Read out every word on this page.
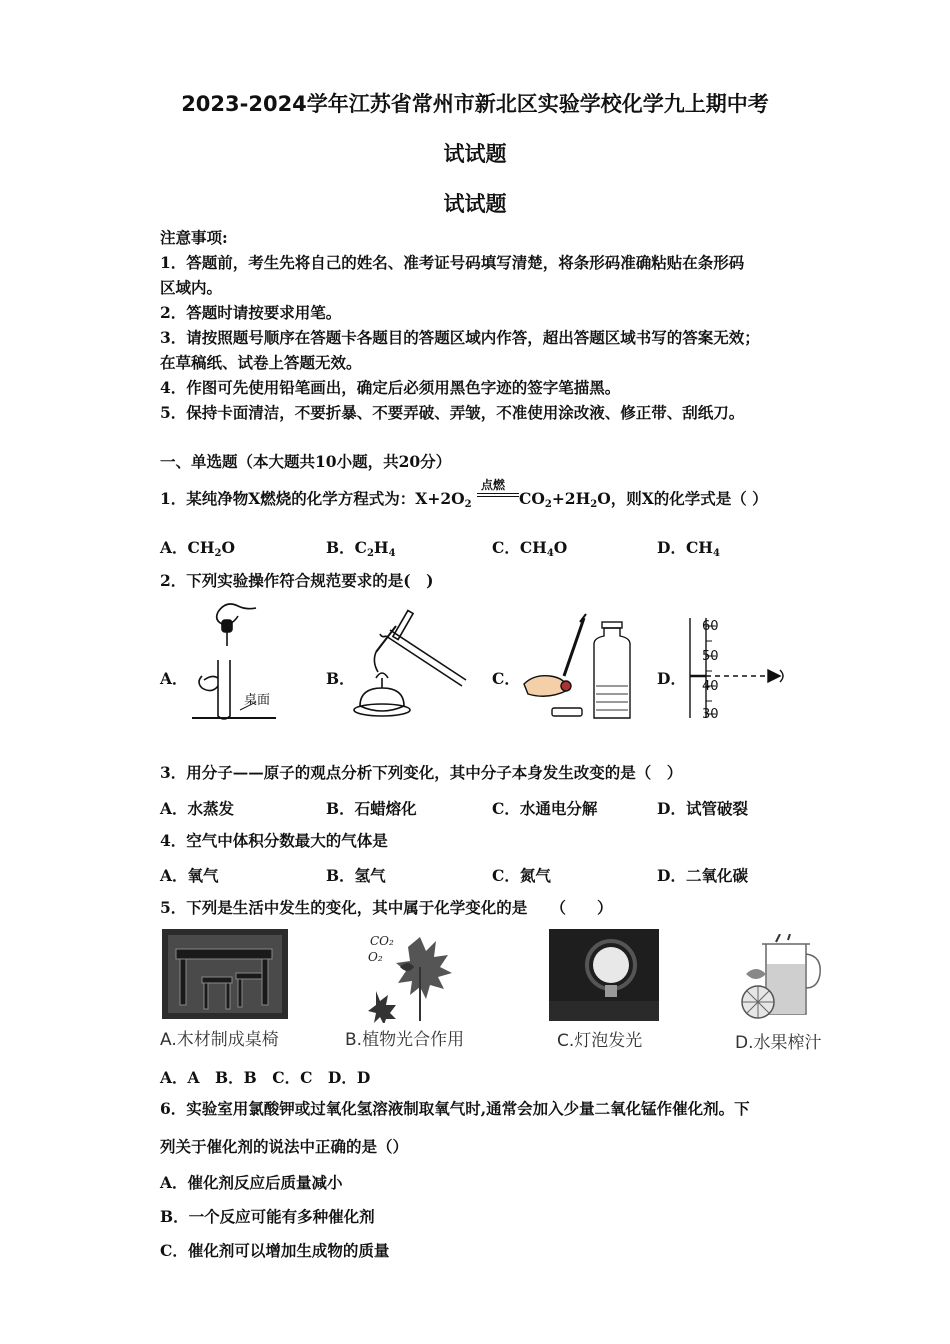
2023-2024学年江苏省常州市新北区实验学校化学九上期中考
试试题
试试题
注意事项:
1．答题前，考生先将自己的姓名、准考证号码填写清楚，将条形码准确粘贴在条形码
区域内。
2．答题时请按要求用笔。
3．请按照题号顺序在答题卡各题目的答题区域内作答，超出答题区域书写的答案无效；
在草稿纸、试卷上答题无效。
4．作图可先使用铅笔画出，确定后必须用黑色字迹的签字笔描黑。
5．保持卡面清洁，不要折暴、不要弄破、弄皱，不准使用涂改液、修正带、刮纸刀。
一、单选题（本大题共10小题，共20分）
1．某纯净物X燃烧的化学方程式为：$X+2O_2$
点燃
$CO_2+2H_2O$，则X的化学式是（ ）
A．$CH_2O$	B．$C_2H_4$	C．$CH_4O$	D．$CH_4$
2．下列实验操作符合规范要求的是(　)
A．	B．	C．	D．
桌面
60
50
40
30
3．用分子——原子的观点分析下列变化，其中分子本身发生改变的是（　）
A．水蒸发	B．石蜡熔化	C．水通电分解	D．试管破裂
4．空气中体积分数最大的气体是
A．氧气	B．氢气	C．氮气	D．二氧化碳
5．下列是生活中发生的变化，其中属于化学变化的是　　（　　）
CO₂
O₂
A.木材制成桌椅	B.植物光合作用	C.灯泡发光	D.水果榨汁
A．A　B．B　C．C　D．D
6．实验室用氯酸钾或过氧化氢溶液制取氧气时,通常会加入少量二氧化锰作催化剂。下
列关于催化剂的说法中正确的是（）
A．催化剂反应后质量减小
B．一个反应可能有多种催化剂
C．催化剂可以增加生成物的质量
